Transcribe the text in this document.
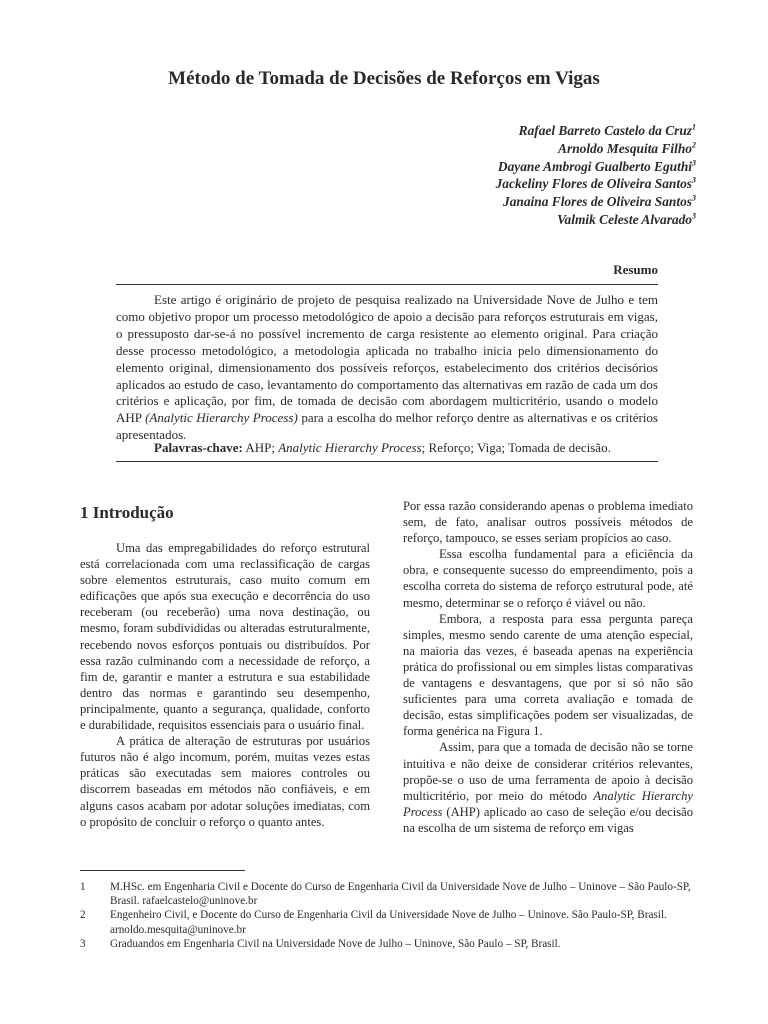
Método de Tomada de Decisões de Reforços em Vigas
Rafael Barreto Castelo da Cruz$^1$
Arnoldo Mesquita Filho$^2$
Dayane Ambrogi Gualberto Eguthi$^3$
Jackeliny Flores de Oliveira Santos$^3$
Janaina Flores de Oliveira Santos$^3$
Valmik Celeste Alvarado$^3$
Resumo

Este artigo é originário de projeto de pesquisa realizado na Universidade Nove de Julho e tem como objetivo propor um processo metodológico de apoio a decisão para reforços estruturais em vigas, o pressuposto dar-se-á no possível incremento de carga resistente ao elemento original. Para criação desse processo metodológico, a metodologia aplicada no trabalho inicia pelo dimensionamento do elemento original, dimensionamento dos possíveis reforços, estabelecimento dos critérios decisórios aplicados ao estudo de caso, levantamento do comportamento das alternativas em razão de cada um dos critérios e aplicação, por fim, de tomada de decisão com abordagem multicritério, usando o modelo AHP (Analytic Hierarchy Process) para a escolha do melhor reforço dentre as alternativas e os critérios apresentados.

Palavras-chave: AHP; Analytic Hierarchy Process; Reforço; Viga; Tomada de decisão.
1 Introdução

Uma das empregabilidades do reforço estrutural está correlacionada com uma reclassificação de cargas sobre elementos estruturais, caso muito comum em edificações que após sua execução e decorrência do uso receberam (ou receberão) uma nova destinação, ou mesmo, foram subdivididas ou alteradas estruturalmente, recebendo novos esforços pontuais ou distribuídos. Por essa razão culminando com a necessidade de reforço, a fim de, garantir e manter a estrutura e sua estabilidade dentro das normas e garantindo seu desempenho, principalmente, quanto a segurança, qualidade, conforto e durabilidade, requisitos essenciais para o usuário final.

A prática de alteração de estruturas por usuários futuros não é algo incomum, porém, muitas vezes estas práticas são executadas sem maiores controles ou discorrem baseadas em métodos não confiáveis, e em alguns casos acabam por adotar soluções imediatas, com o propósito de concluir o reforço o quanto antes.

Por essa razão considerando apenas o problema imediato sem, de fato, analisar outros possíveis métodos de reforço, tampouco, se esses seriam propícios ao caso.

Essa escolha fundamental para a eficiência da obra, e consequente sucesso do empreendimento, pois a escolha correta do sistema de reforço estrutural pode, até mesmo, determinar se o reforço é viável ou não.

Embora, a resposta para essa pergunta pareça simples, mesmo sendo carente de uma atenção especial, na maioria das vezes, é baseada apenas na experiência prática do profissional ou em simples listas comparativas de vantagens e desvantagens, que por si só não são suficientes para uma correta avaliação e tomada de decisão, estas simplificações podem ser visualizadas, de forma genérica na Figura 1.

Assim, para que a tomada de decisão não se torne intuitiva e não deixe de considerar critérios relevantes, propõe-se o uso de uma ferramenta de apoio à decisão multicritério, por meio do método Analytic Hierarchy Process (AHP) aplicado ao caso de seleção e/ou decisão na escolha de um sistema de reforço em vigas

1	M.HSc. em Engenharia Civil e Docente do Curso de Engenharia Civil da Universidade Nove de Julho – Uninove – São Paulo-SP, Brasil. rafaelcastelo@uninove.br
2	Engenheiro Civil, e Docente do Curso de Engenharia Civil da Universidade Nove de Julho – Uninove. São Paulo-SP, Brasil. arnoldo.mesquita@uninove.br
3	Graduandos em Engenharia Civil na Universidade Nove de Julho – Uninove, São Paulo – SP, Brasil.
